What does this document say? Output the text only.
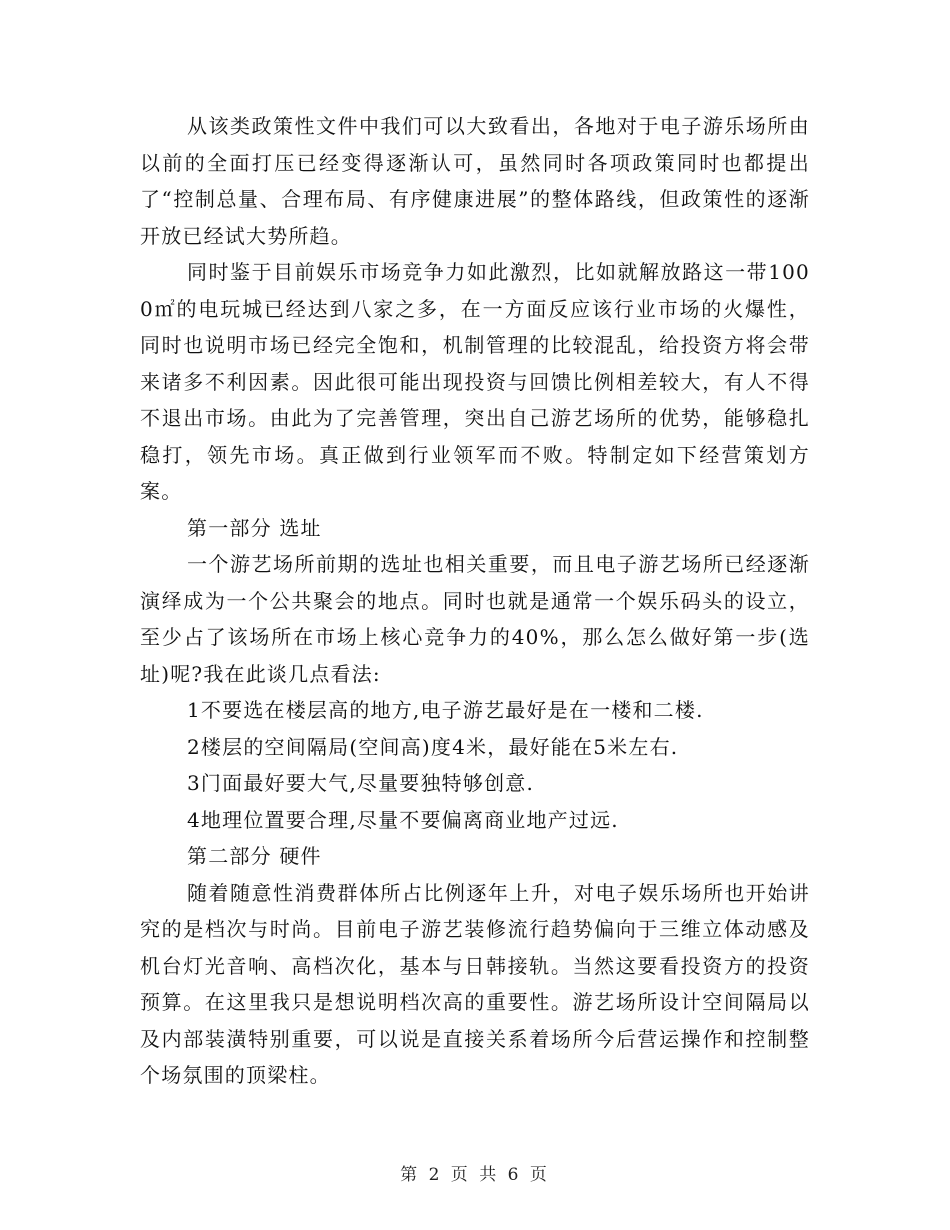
从该类政策性文件中我们可以大致看出，各地对于电子游乐场所由以前的全面打压已经变得逐渐认可，虽然同时各项政策同时也都提出了“控制总量、合理布局、有序健康进展”的整体路线，但政策性的逐渐开放已经试大势所趋。

同时鉴于目前娱乐市场竞争力如此激烈，比如就解放路这一带1000㎡的电玩城已经达到八家之多，在一方面反应该行业市场的火爆性，同时也说明市场已经完全饱和，机制管理的比较混乱，给投资方将会带来诸多不利因素。因此很可能出现投资与回馈比例相差较大，有人不得不退出市场。由此为了完善管理，突出自己游艺场所的优势，能够稳扎稳打，领先市场。真正做到行业领军而不败。特制定如下经营策划方案。

第一部分 选址

一个游艺场所前期的选址也相关重要，而且电子游艺场所已经逐渐演绎成为一个公共聚会的地点。同时也就是通常一个娱乐码头的设立，至少占了该场所在市场上核心竞争力的40%，那么怎么做好第一步(选址)呢?我在此谈几点看法:

1不要选在楼层高的地方,电子游艺最好是在一楼和二楼.

2楼层的空间隔局(空间高)度4米，最好能在5米左右.

3门面最好要大气,尽量要独特够创意.

4地理位置要合理,尽量不要偏离商业地产过远.

第二部分 硬件

随着随意性消费群体所占比例逐年上升，对电子娱乐场所也开始讲究的是档次与时尚。目前电子游艺装修流行趋势偏向于三维立体动感及机台灯光音响、高档次化，基本与日韩接轨。当然这要看投资方的投资预算。在这里我只是想说明档次高的重要性。游艺场所设计空间隔局以及内部装潢特别重要，可以说是直接关系着场所今后营运操作和控制整个场氛围的顶梁柱。

第 2 页 共 6 页
